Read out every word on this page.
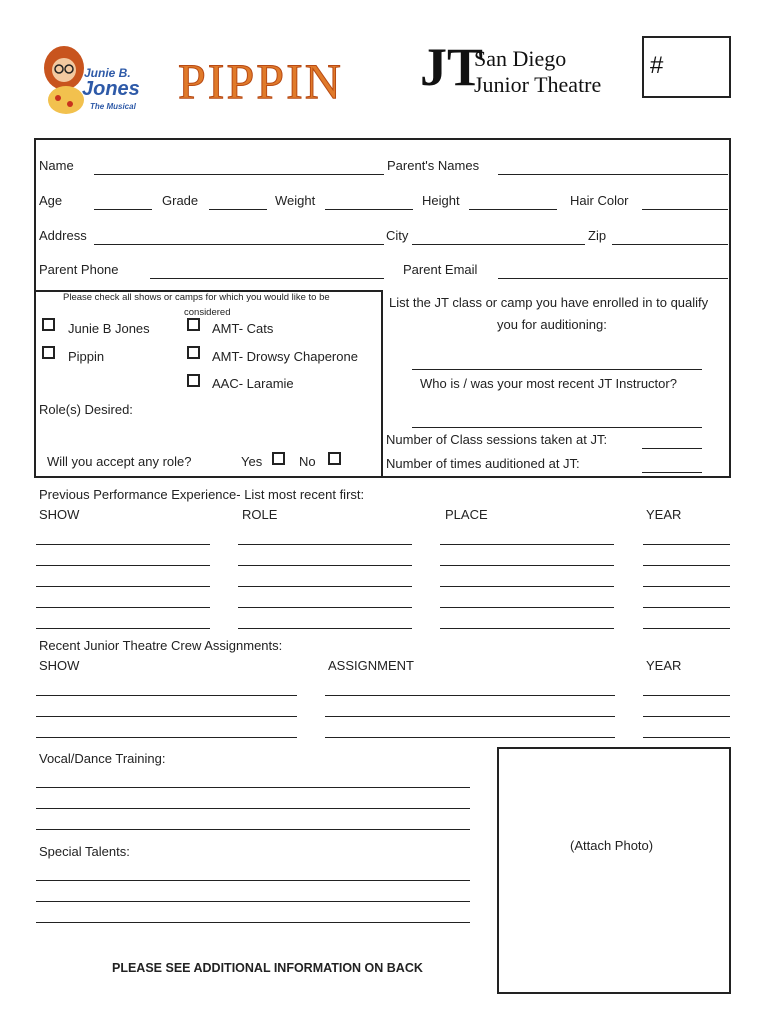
Junie B.
Jones
The Musical PIPPIN JT
San Diego
Junior Theatre
#
Name	Parent's Names
Age	Grade	Weight	Height	Hair Color
Address	City	Zip
Parent Phone	Parent Email
Please check all shows or camps for which you would like to be
considered
Junie B Jones
Pippin
AMT- Cats
AMT- Drowsy Chaperone
AAC- Laramie
Role(s) Desired:
Will you accept any role?	Yes	No
List the JT class or camp you have enrolled in to qualify
you for auditioning:
Who is / was your most recent JT Instructor?
Number of Class sessions taken at JT:
Number of times auditioned at JT:
Previous Performance Experience- List most recent first:
SHOW	ROLE	PLACE	YEAR
Recent Junior Theatre Crew Assignments:
SHOW	ASSIGNMENT	YEAR
Vocal/Dance Training:
Special Talents:	(Attach Photo)
PLEASE SEE ADDITIONAL INFORMATION ON BACK
